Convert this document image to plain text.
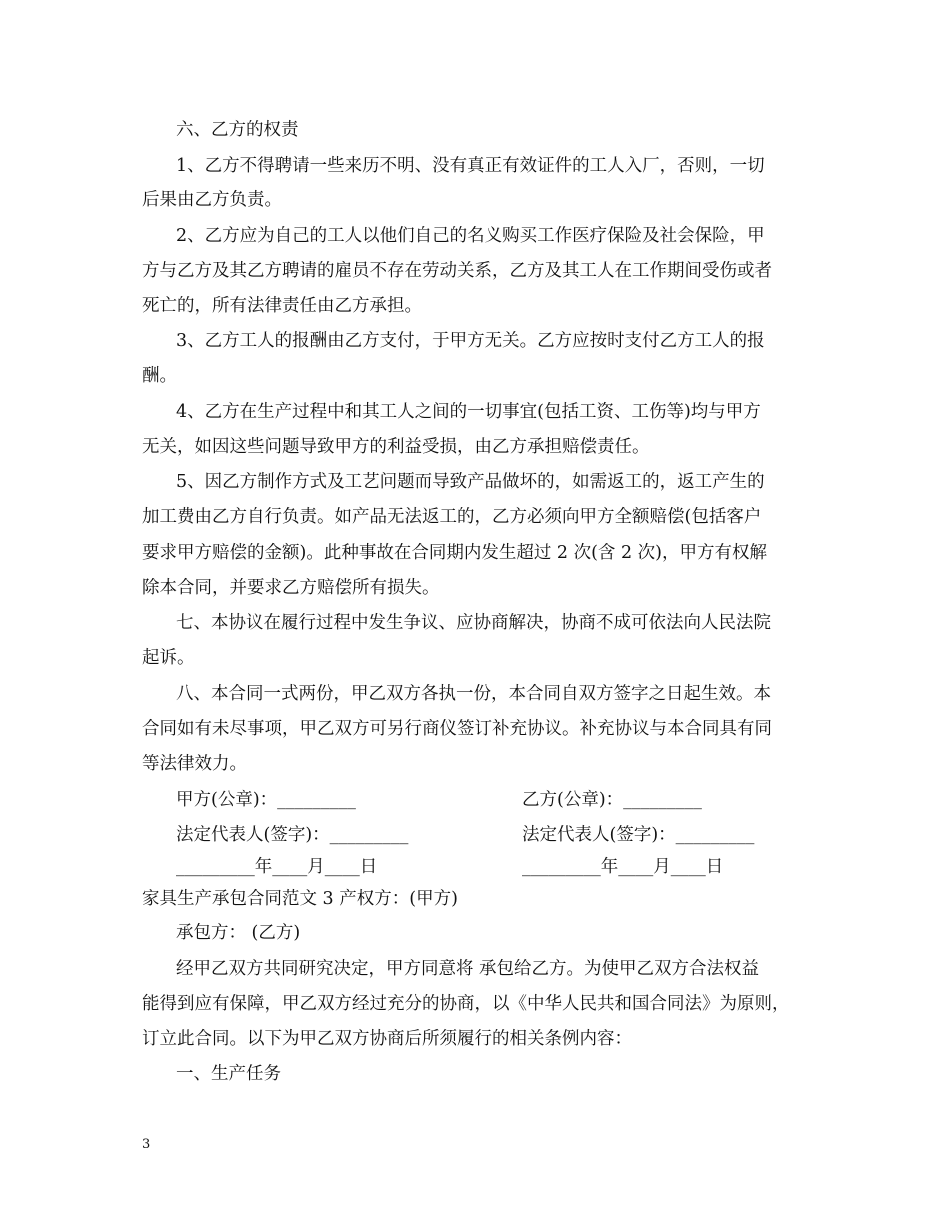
六、乙方的权责
1、乙方不得聘请一些来历不明、没有真正有效证件的工人入厂，否则，一切
后果由乙方负责。
2、乙方应为自己的工人以他们自己的名义购买工作医疗保险及社会保险，甲
方与乙方及其乙方聘请的雇员不存在劳动关系，乙方及其工人在工作期间受伤或者
死亡的，所有法律责任由乙方承担。
3、乙方工人的报酬由乙方支付，于甲方无关。乙方应按时支付乙方工人的报
酬。
4、乙方在生产过程中和其工人之间的一切事宜(包括工资、工伤等)均与甲方
无关，如因这些问题导致甲方的利益受损，由乙方承担赔偿责任。
5、因乙方制作方式及工艺问题而导致产品做坏的，如需返工的，返工产生的
加工费由乙方自行负责。如产品无法返工的，乙方必须向甲方全额赔偿(包括客户
要求甲方赔偿的金额)。此种事故在合同期内发生超过 2 次(含 2 次)，甲方有权解
除本合同，并要求乙方赔偿所有损失。
七、本协议在履行过程中发生争议、应协商解决，协商不成可依法向人民法院
起诉。
八、本合同一式两份，甲乙双方各执一份，本合同自双方签字之日起生效。本
合同如有未尽事项，甲乙双方可另行商仪签订补充协议。补充协议与本合同具有同
等法律效力。
甲方(公章)：_________	乙方(公章)：_________
法定代表人(签字)：_________	法定代表人(签字)：_________
_________年____月____日	_________年____月____日
家具生产承包合同范文 3 产权方：(甲方)
承包方： (乙方)
经甲乙双方共同研究决定，甲方同意将 承包给乙方。为使甲乙双方合法权益
能得到应有保障，甲乙双方经过充分的协商，以《中华人民共和国合同法》为原则，
订立此合同。以下为甲乙双方协商后所须履行的相关条例内容：
一、生产任务
3
